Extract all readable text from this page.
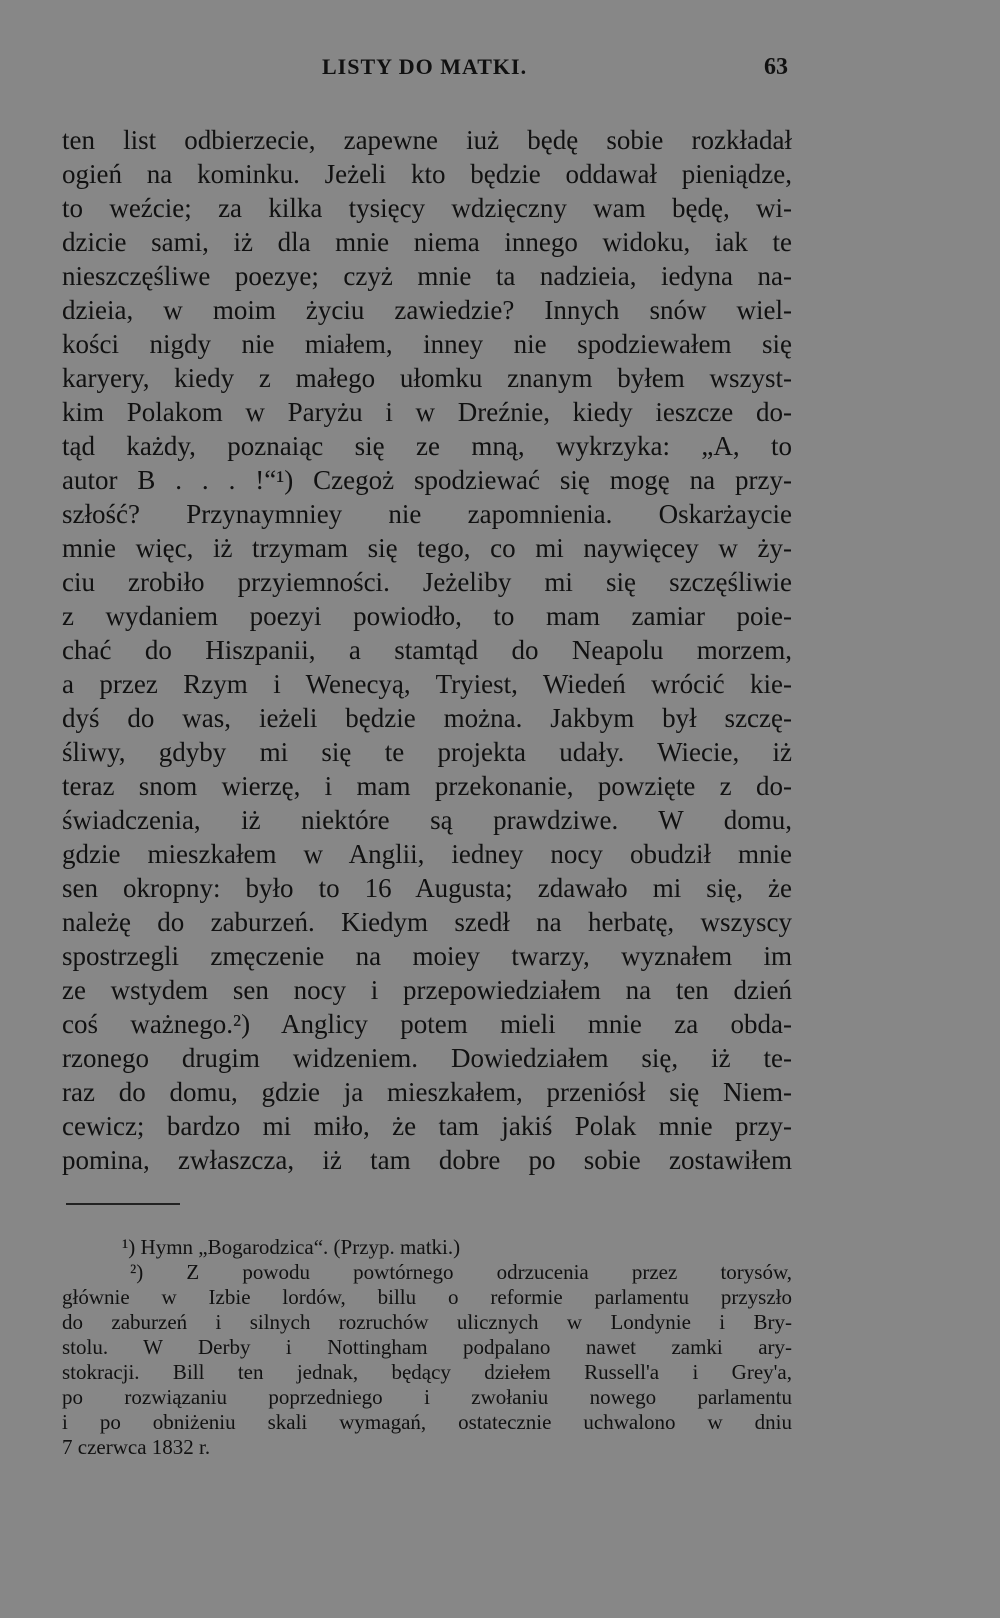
LISTY DO MATKI.	63
ten list odbierzecie, zapewne iuż będę sobie rozkładał
ogień na kominku. Jeżeli kto będzie oddawał pieniądze,
to weźcie; za kilka tysięcy wdzięczny wam będę, wi-
dzicie sami, iż dla mnie niema innego widoku, iak te
nieszczęśliwe poezye; czyż mnie ta nadzieia, iedyna na-
dzieia, w moim życiu zawiedzie? Innych snów wiel-
kości nigdy nie miałem, inney nie spodziewałem się
karyery, kiedy z małego ułomku znanym byłem wszyst-
kim Polakom w Paryżu i w Dreźnie, kiedy ieszcze do-
tąd każdy, poznaiąc się ze mną, wykrzyka: „A, to
autor B . . . !“¹) Czegoż spodziewać się mogę na przy-
szłość? Przynaymniey nie zapomnienia. Oskarżaycie
mnie więc, iż trzymam się tego, co mi naywięcey w ży-
ciu zrobiło przyiemności. Jeżeliby mi się szczęśliwie
z wydaniem poezyi powiodło, to mam zamiar poie-
chać do Hiszpanii, a stamtąd do Neapolu morzem,
a przez Rzym i Wenecyą, Tryiest, Wiedeń wrócić kie-
dyś do was, ieżeli będzie można. Jakbym był szczę-
śliwy, gdyby mi się te projekta udały. Wiecie, iż
teraz snom wierzę, i mam przekonanie, powzięte z do-
świadczenia, iż niektóre są prawdziwe. W domu,
gdzie mieszkałem w Anglii, iedney nocy obudził mnie
sen okropny: było to 16 Augusta; zdawało mi się, że
należę do zaburzeń. Kiedym szedł na herbatę, wszyscy
spostrzegli zmęczenie na moiey twarzy, wyznałem im
ze wstydem sen nocy i przepowiedziałem na ten dzień
coś ważnego.²) Anglicy potem mieli mnie za obda-
rzonego drugim widzeniem. Dowiedziałem się, iż te-
raz do domu, gdzie ja mieszkałem, przeniósł się Niem-
cewicz; bardzo mi miło, że tam jakiś Polak mnie przy-
pomina, zwłaszcza, iż tam dobre po sobie zostawiłem
¹) Hymn „Bogarodzica“. (Przyp. matki.)
²) Z powodu powtórnego odrzucenia przez torysów,
głównie w Izbie lordów, billu o reformie parlamentu przyszło
do zaburzeń i silnych rozruchów ulicznych w Londynie i Bry-
stolu. W Derby i Nottingham podpalano nawet zamki ary-
stokracji. Bill ten jednak, będący dziełem Russell'a i Grey'a,
po rozwiązaniu poprzedniego i zwołaniu nowego parlamentu
i po obniżeniu skali wymagań, ostatecznie uchwalono w dniu
7 czerwca 1832 r.
